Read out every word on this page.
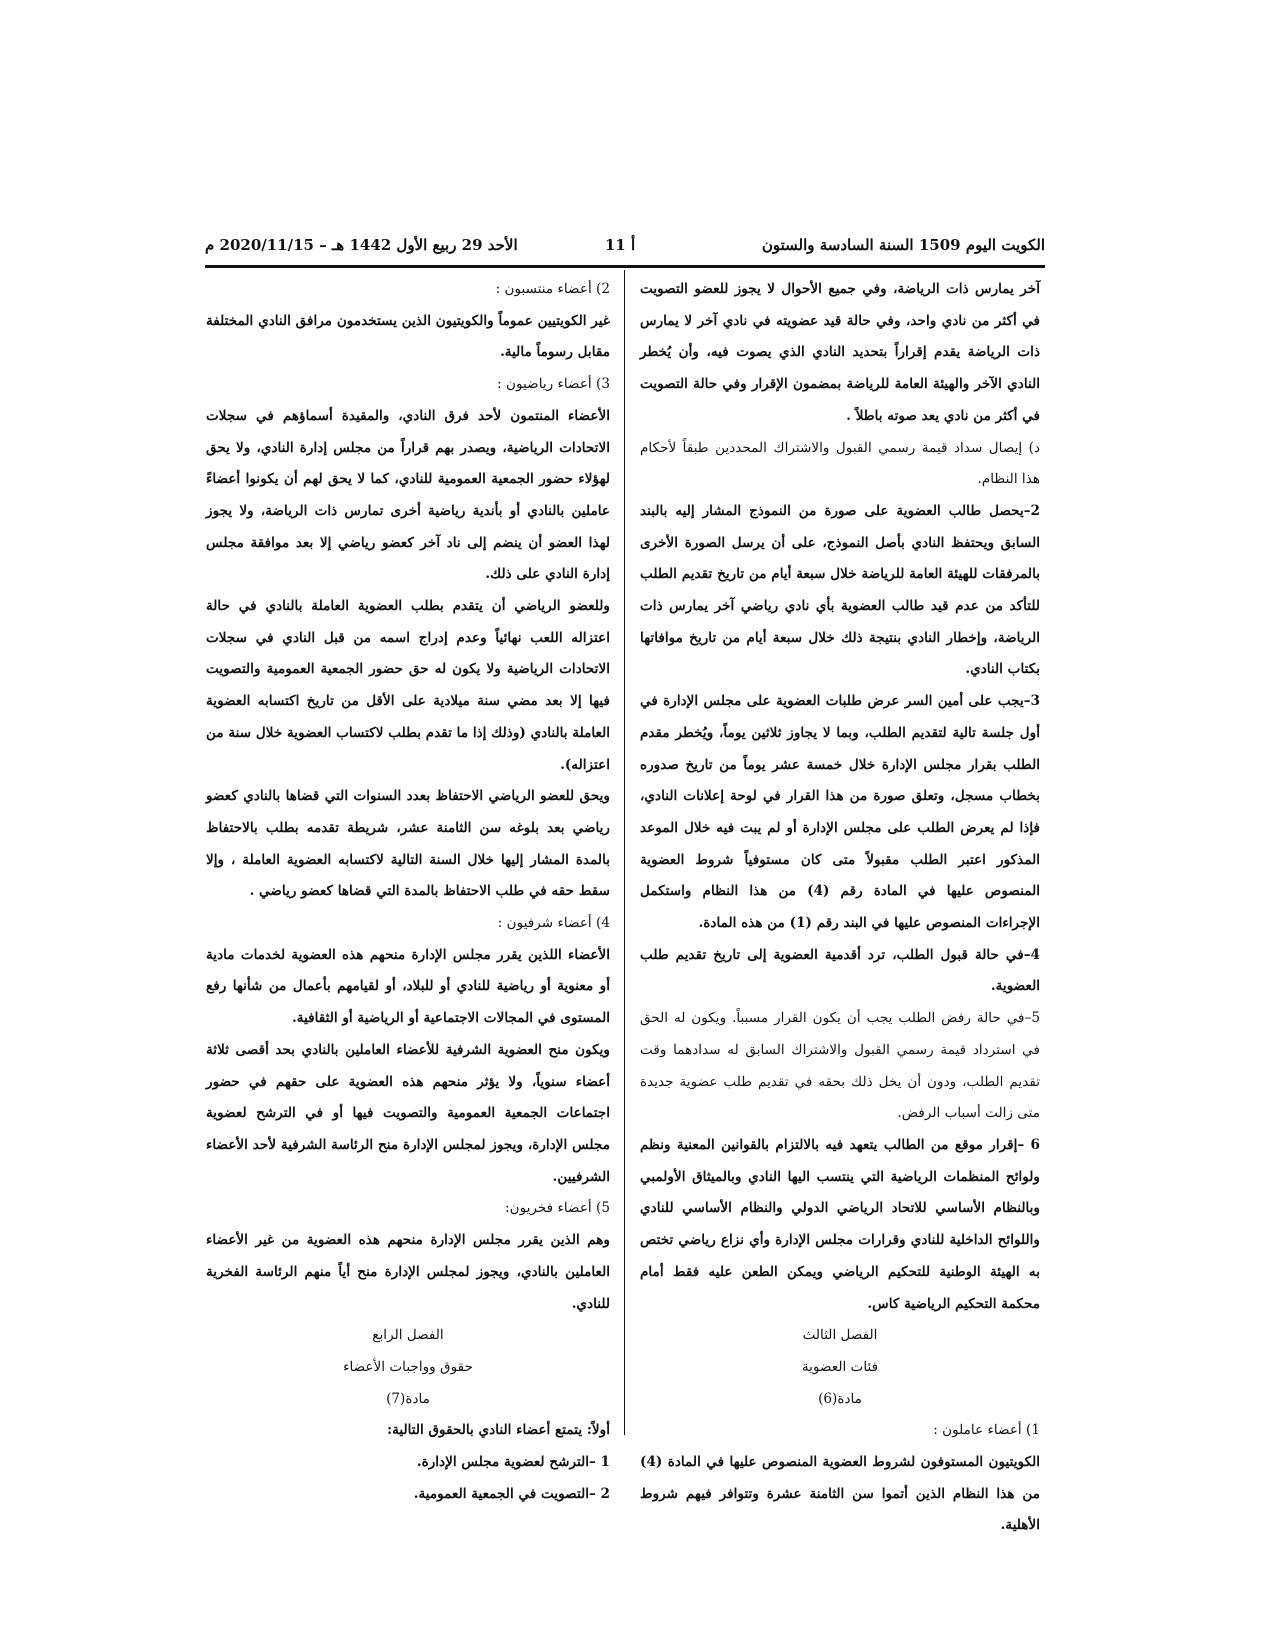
الكويت اليوم 1509 السنة السادسة والستون
أ 11
الأحد 29 ربيع الأول 1442 هـ – 2020/11/15 م

آخر يمارس ذات الرياضة، وفي جميع الأحوال لا يجوز للعضو التصويت في أكثر من نادي واحد، وفي حالة قيد عضويته في نادي آخر لا يمارس ذات الرياضة يقدم إقراراً بتحديد النادي الذي يصوت فيه، وأن يُخطر النادي الآخر والهيئة العامة للرياضة بمضمون الإقرار وفي حالة التصويت في أكثر من نادي يعد صوته باطلاً .

د) إيصال سداد قيمة رسمي القبول والاشتراك المحددين طبقاً لأحكام هذا النظام.

2–يحصل طالب العضوية على صورة من النموذج المشار إليه بالبند السابق ويحتفظ النادي بأصل النموذج، على أن يرسل الصورة الأخرى بالمرفقات للهيئة العامة للرياضة خلال سبعة أيام من تاريخ تقديم الطلب للتأكد من عدم قيد طالب العضوية بأي نادي رياضي آخر يمارس ذات الرياضة، وإخطار النادي بنتيجة ذلك خلال سبعة أيام من تاريخ موافاتها بكتاب النادي.

3–يجب على أمين السر عرض طلبات العضوية على مجلس الإدارة في أول جلسة تالية لتقديم الطلب، وبما لا يجاوز ثلاثين يوماً، ويُخطر مقدم الطلب بقرار مجلس الإدارة خلال خمسة عشر يوماً من تاريخ صدوره بخطاب مسجل، وتعلق صورة من هذا القرار في لوحة إعلانات النادي، فإذا لم يعرض الطلب على مجلس الإدارة أو لم يبت فيه خلال الموعد المذكور اعتبر الطلب مقبولاً متى كان مستوفياً شروط العضوية المنصوص عليها في المادة رقم (4) من هذا النظام واستكمل الإجراءات المنصوص عليها في البند رقم (1) من هذه المادة.

4–في حالة قبول الطلب، ترد أقدمية العضوية إلى تاريخ تقديم طلب العضوية.

5–في حالة رفض الطلب يجب أن يكون القرار مسبباً. ويكون له الحق في استرداد قيمة رسمي القبول والاشتراك السابق له سدادهما وقت تقديم الطلب، ودون أن يخل ذلك بحقه في تقديم طلب عضوية جديدة متى زالت أسباب الرفض.

6 –إقرار موقع من الطالب يتعهد فيه بالالتزام بالقوانين المعنية ونظم ولوائح المنظمات الرياضية التي ينتسب اليها النادي وبالميثاق الأولمبي وبالنظام الأساسي للاتحاد الرياضي الدولي والنظام الأساسي للنادي واللوائح الداخلية للنادي وقرارات مجلس الإدارة وأي نزاع رياضي تختص به الهيئة الوطنية للتحكيم الرياضي ويمكن الطعن عليه فقط أمام محكمة التحكيم الرياضية كاس.

الفصل الثالث

فئات العضوية

مادة(6)

1) أعضاء عاملون :

الكويتيون المستوفون لشروط العضوية المنصوص عليها في المادة (4) من هذا النظام الذين أتموا سن الثامنة عشرة وتتوافر فيهم شروط الأهلية.

2) أعضاء منتسبون :

غير الكويتيين عموماً والكويتيون الذين يستخدمون مرافق النادي المختلفة مقابل رسوماً مالية.

3) أعضاء رياضيون :

الأعضاء المنتمون لأحد فرق النادي، والمقيدة أسماؤهم في سجلات الاتحادات الرياضية، ويصدر بهم قراراً من مجلس إدارة النادي، ولا يحق لهؤلاء حضور الجمعية العمومية للنادي، كما لا يحق لهم أن يكونوا أعضاءً عاملين بالنادي أو بأندية رياضية أخرى تمارس ذات الرياضة، ولا يجوز لهذا العضو أن ينضم إلى ناد آخر كعضو رياضي إلا بعد موافقة مجلس إدارة النادي على ذلك.

وللعضو الرياضي أن يتقدم بطلب العضوية العاملة بالنادي في حالة اعتزاله اللعب نهائياً وعدم إدراج اسمه من قبل النادي في سجلات الاتحادات الرياضية ولا يكون له حق حضور الجمعية العمومية والتصويت فيها إلا بعد مضي سنة ميلادية على الأقل من تاريخ اكتسابه العضوية العاملة بالنادي (وذلك إذا ما تقدم بطلب لاكتساب العضوية خلال سنة من اعتزاله).

ويحق للعضو الرياضي الاحتفاظ بعدد السنوات التي قضاها بالنادي كعضو رياضي بعد بلوغه سن الثامنة عشر، شريطة تقدمه بطلب بالاحتفاظ بالمدة المشار إليها خلال السنة التالية لاكتسابه العضوية العاملة ، وإلا سقط حقه في طلب الاحتفاظ بالمدة التي قضاها كعضو رياضي .

4) أعضاء شرفيون :

الأعضاء اللذين يقرر مجلس الإدارة منحهم هذه العضوية لخدمات مادية أو معنوية أو رياضية للنادي أو للبلاد، أو لقيامهم بأعمال من شأنها رفع المستوى في المجالات الاجتماعية أو الرياضية أو الثقافية.

ويكون منح العضوية الشرفية للأعضاء العاملين بالنادي بحد أقصى ثلاثة أعضاء سنوياً، ولا يؤثر منحهم هذه العضوية على حقهم في حضور اجتماعات الجمعية العمومية والتصويت فيها أو في الترشح لعضوية مجلس الإدارة، ويجوز لمجلس الإدارة منح الرئاسة الشرفية لأحد الأعضاء الشرفيين.

5) أعضاء فخريون:

وهم الذين يقرر مجلس الإدارة منحهم هذه العضوية من غير الأعضاء العاملين بالنادي، ويجوز لمجلس الإدارة منح أياً منهم الرئاسة الفخرية للنادي.

الفصل الرابع

حقوق وواجبات الأعضاء

مادة(7)

أولاً: يتمتع أعضاء النادي بالحقوق التالية:

1 –الترشح لعضوية مجلس الإدارة.

2 –التصويت في الجمعية العمومية.
